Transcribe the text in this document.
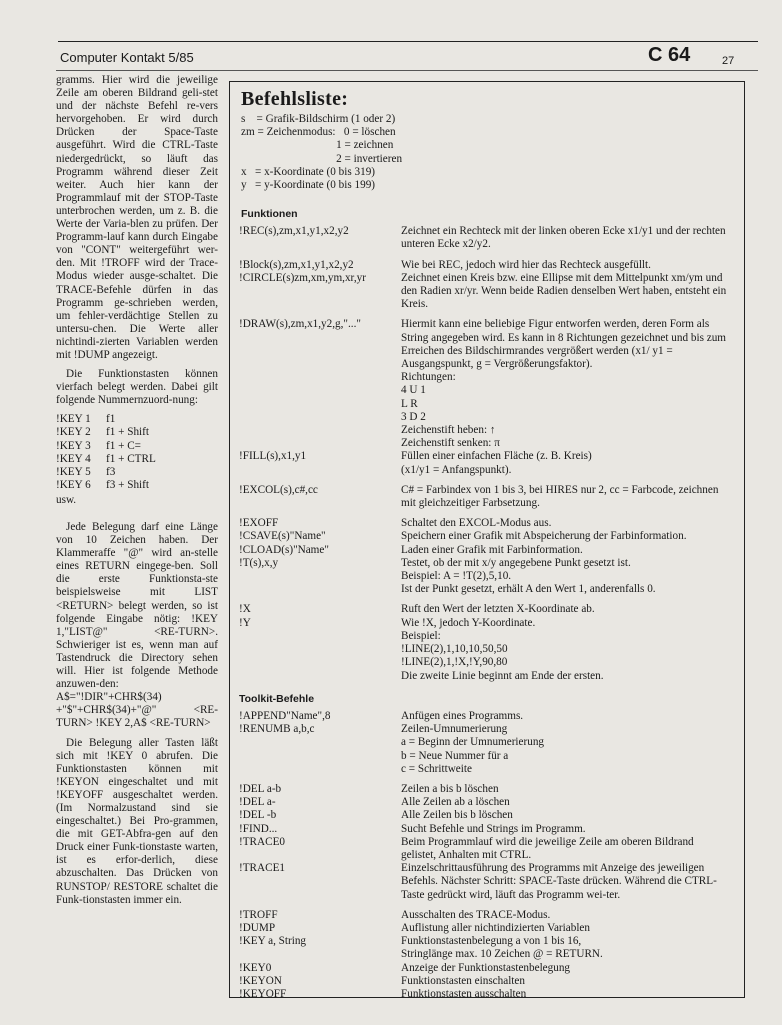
Computer Kontakt 5/85	C 64	27

gramms. Hier wird die jeweilige Zeile am oberen Bildrand geli-stet und der nächste Befehl re-vers hervorgehoben. Er wird durch Drücken der Space-Taste ausgeführt. Wird die CTRL-Taste niedergedrückt, so läuft das Programm während dieser Zeit weiter. Auch hier kann der Programmlauf mit der STOP-Taste unterbrochen werden, um z. B. die Werte der Varia-blen zu prüfen. Der Programm-lauf kann durch Eingabe von "CONT" weitergeführt wer-den. Mit !TROFF wird der Trace-Modus wieder ausge-schaltet. Die TRACE-Befehle dürfen in das Programm ge-schrieben werden, um fehler-verdächtige Stellen zu untersu-chen. Die Werte aller nichtindi-zierten Variablen werden mit !DUMP angezeigt.

Die Funktionstasten können vierfach belegt werden. Dabei gilt folgende Nummernzuord-nung:

!KEY 1	f1
!KEY 2	f1 + Shift
!KEY 3	f1 + C=
!KEY 4	f1 + CTRL
!KEY 5	f3
!KEY 6	f3 + Shift

usw.

Jede Belegung darf eine Länge von 10 Zeichen haben. Der Klammeraffe "@" wird an-stelle eines RETURN eingege-ben. Soll die erste Funktionsta-ste beispielsweise mit LIST <RETURN> belegt werden, so ist folgende Eingabe nötig: !KEY 1,"LIST@" <RE-TURN>. Schwieriger ist es, wenn man auf Tastendruck die Directory sehen will. Hier ist folgende Methode anzuwen-den: A$="!DIR"+CHR$(34) +"$"+CHR$(34)+"@" <RE-TURN> !KEY 2,A$ <RE-TURN>

Die Belegung aller Tasten läßt sich mit !KEY 0 abrufen. Die Funktionstasten können mit !KEYON eingeschaltet und mit !KEYOFF ausgeschaltet werden. (Im Normalzustand sind sie eingeschaltet.) Bei Pro-grammen, die mit GET-Abfra-gen auf den Druck einer Funk-tionstaste warten, ist es erfor-derlich, diese abzuschalten. Das Drücken von RUNSTOP/ RESTORE schaltet die Funk-tionstasten immer ein.

Befehlsliste:
s    = Grafik-Bildschirm (1 oder 2)
zm = Zeichenmodus:   0 = löschen
1 = zeichnen
2 = invertieren
x   = x-Koordinate (0 bis 319)
y   = y-Koordinate (0 bis 199)
Funktionen
!REC(s),zm,x1,y1,x2,y2	Zeichnet ein Rechteck mit der linken oberen Ecke x1/y1 und der rechten unteren Ecke x2/y2.
!Block(s),zm,x1,y1,x2,y2	Wie bei REC, jedoch wird hier das Rechteck ausgefüllt.
!CIRCLE(s)zm,xm,ym,xr,yr	Zeichnet einen Kreis bzw. eine Ellipse mit dem Mittelpunkt xm/ym und den Radien xr/yr. Wenn beide Radien denselben Wert haben, entsteht ein Kreis.
!DRAW(s),zm,x1,y2,g,"..."	Hiermit kann eine beliebige Figur entworfen werden, deren Form als String angegeben wird. Es kann in 8 Richtungen gezeichnet und bis zum Erreichen des Bildschirmrandes vergrößert werden (x1/ y1 = Ausgangspunkt, g = Vergrößerungsfaktor).
Richtungen:
4 U 1
L R
3 D 2
Zeichenstift heben: ↑
Zeichenstift senken: π
!FILL(s),x1,y1	Füllen einer einfachen Fläche (z. B. Kreis)
(x1/y1 = Anfangspunkt).
!EXCOL(s),c#,cc	C# = Farbindex von 1 bis 3, bei HIRES nur 2, cc = Farbcode, zeichnen mit gleichzeitiger Farbsetzung.
!EXOFF	Schaltet den EXCOL-Modus aus.
!CSAVE(s)"Name"	Speichern einer Grafik mit Abspeicherung der Farbinformation.
!CLOAD(s)"Name"	Laden einer Grafik mit Farbinformation.
!T(s),x,y	Testet, ob der mit x/y angegebene Punkt gesetzt ist.
Beispiel: A = !T(2),5,10.
Ist der Punkt gesetzt, erhält A den Wert 1, anderenfalls 0.
!X	Ruft den Wert der letzten X-Koordinate ab.
!Y	Wie !X, jedoch Y-Koordinate.
Beispiel:
!LINE(2),1,10,10,50,50
!LINE(2),1,!X,!Y,90,80
Die zweite Linie beginnt am Ende der ersten.
Toolkit-Befehle
!APPEND"Name",8	Anfügen eines Programms.
!RENUMB a,b,c	Zeilen-Umnumerierung
a = Beginn der Umnumerierung
b = Neue Nummer für a
c = Schrittweite
!DEL a-b	Zeilen a bis b löschen
!DEL a-	Alle Zeilen ab a löschen
!DEL -b	Alle Zeilen bis b löschen
!FIND...	Sucht Befehle und Strings im Programm.
!TRACE0	Beim Programmlauf wird die jeweilige Zeile am oberen Bildrand gelistet, Anhalten mit CTRL.
!TRACE1	Einzelschrittausführung des Programms mit Anzeige des jeweiligen Befehls. Nächster Schritt: SPACE-Taste drücken. Während die CTRL-Taste gedrückt wird, läuft das Programm wei-ter.
!TROFF	Ausschalten des TRACE-Modus.
!DUMP	Auflistung aller nichtindizierten Variablen
!KEY a, String	Funktionstastenbelegung a von 1 bis 16,
Stringlänge max. 10 Zeichen @ = RETURN.
!KEY0	Anzeige der Funktionstastenbelegung
!KEYON	Funktionstasten einschalten
!KEYOFF	Funktionstasten ausschalten
